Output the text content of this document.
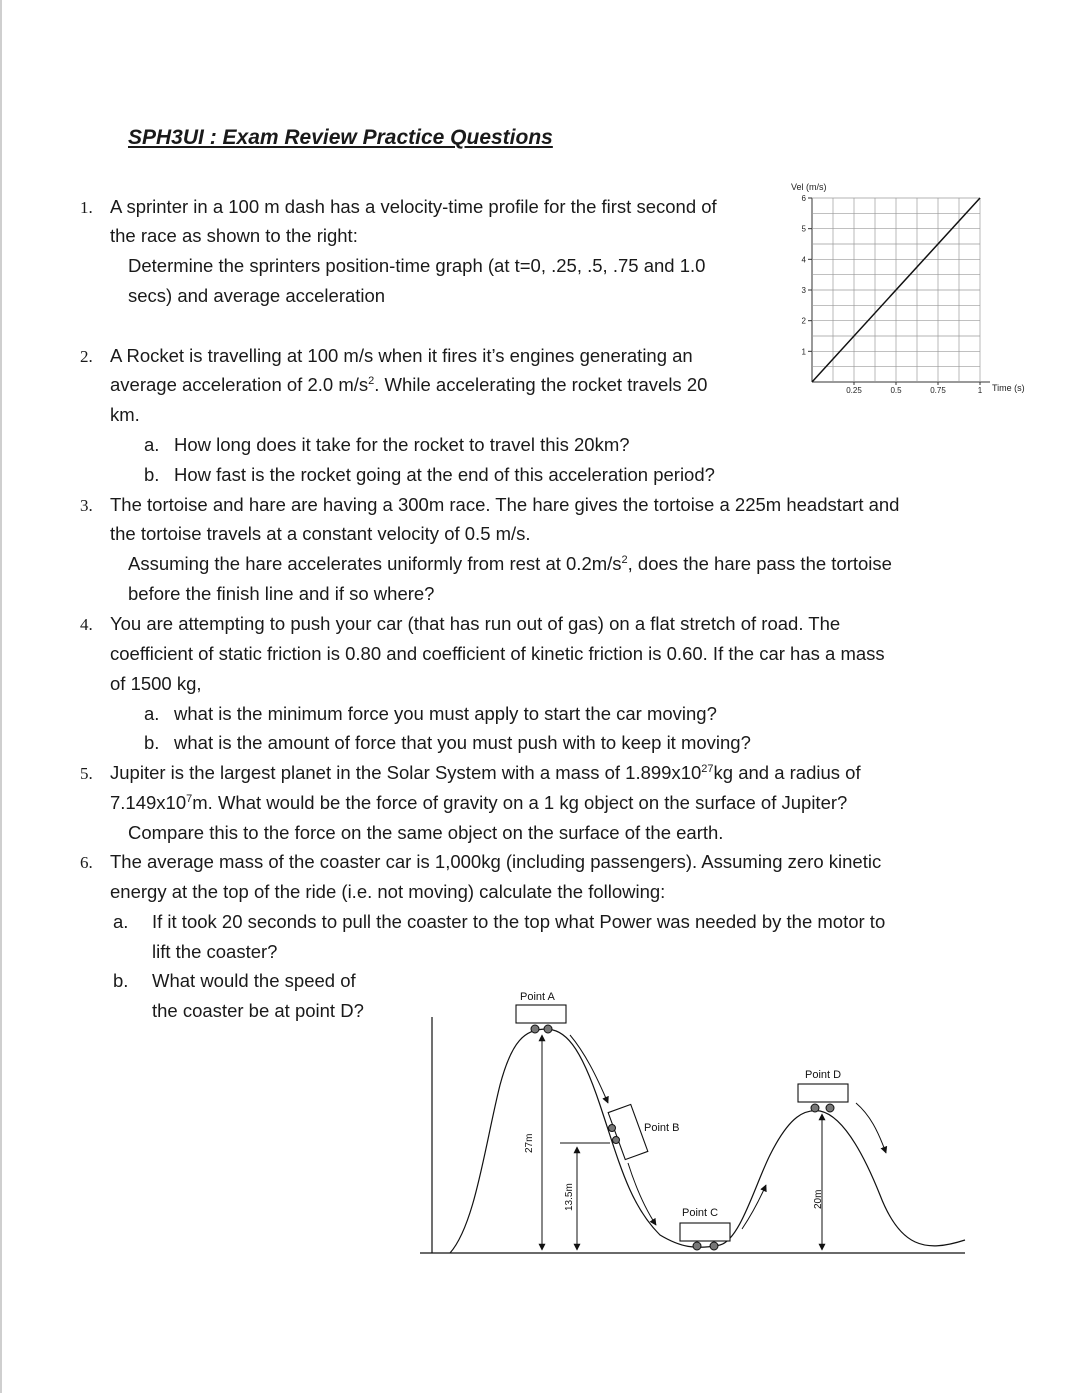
SPH3UI : Exam Review Practice Questions
1. A sprinter in a 100 m dash has a velocity-time profile for the first second of
the race as shown to the right:
Determine the sprinters position-time graph (at t=0, .25, .5, .75 and 1.0
secs) and average acceleration
Vel (m/s)
Time (s)
1
2
3
4
5
6
0.25	0.5	0.75	1
2. A Rocket is travelling at 100 m/s when it fires it’s engines generating an
average acceleration of 2.0 $m/s^2$. While accelerating the rocket travels 20
km.
a. How long does it take for the rocket to travel this 20km?
b. How fast is the rocket going at the end of this acceleration period?
3. The tortoise and hare are having a 300m race. The hare gives the tortoise a 225m headstart and
the tortoise travels at a constant velocity of 0.5 m/s.
Assuming the hare accelerates uniformly from rest at $0.2m/s^2$, does the hare pass the tortoise
before the finish line and if so where?
4. You are attempting to push your car (that has run out of gas) on a flat stretch of road. The
coefficient of static friction is 0.80 and coefficient of kinetic friction is 0.60. If the car has a mass
of 1500 kg,
a. what is the minimum force you must apply to start the car moving?
b. what is the amount of force that you must push with to keep it moving?
5. Jupiter is the largest planet in the Solar System with a mass of $1.899x10^{27}kg$ and a radius of
$7.149x10^7m$. What would be the force of gravity on a 1 kg object on the surface of Jupiter?
Compare this to the force on the same object on the surface of the earth.
6. The average mass of the coaster car is 1,000kg (including passengers). Assuming zero kinetic
energy at the top of the ride (i.e. not moving) calculate the following:
a. If it took 20 seconds to pull the coaster to the top what Power was needed by the motor to
lift the coaster?
b. What would the speed of
the coaster be at point D?
Point A
Point B
Point C
Point D
27m
13.5m	20m
